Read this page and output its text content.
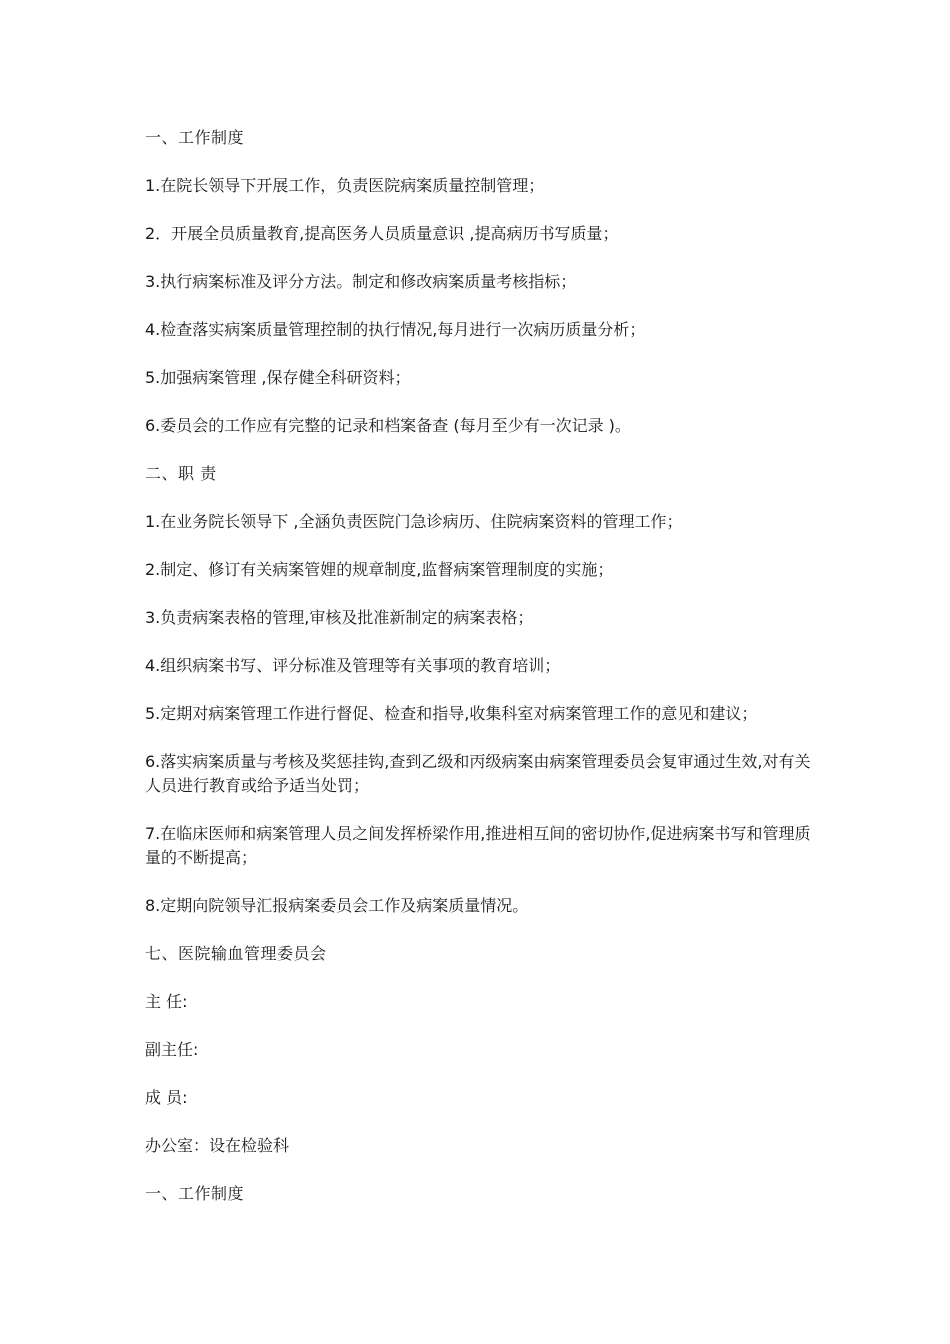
一、工作制度

1.在院长领导下开展工作，负责医院病案质量控制管理；

2．开展全员质量教育,提高医务人员质量意识 ,提高病历书写质量；

3.执行病案标准及评分方法。制定和修改病案质量考核指标；

4.检查落实病案质量管理控制的执行情况,每月进行一次病历质量分析；

5.加强病案管理 ,保存健全科研资料；

6.委员会的工作应有完整的记录和档案备查 (每月至少有一次记录 )。

二、职 责

1.在业务院长领导下 ,全涵负责医院门急诊病历、住院病案资料的管理工作；

2.制定、修订有关病案管娌的规章制度,监督病案管理制度的实施；

3.负责病案表格的管理,审核及批准新制定的病案表格；

4.组织病案书写、评分标准及管理等有关事项的教育培训；

5.定期对病案管理工作进行督促、检查和指导,收集科室对病案管理工作的意见和建议；

6.落实病案质量与考核及奖惩挂钩,查到乙级和丙级病案由病案管理委员会复审通过生效,对有关人员进行教育或给予适当处罚；

7.在临床医师和病案管理人员之间发挥桥梁作用,推进相互间的密切协作,促进病案书写和管理质量的不断提高；

8.定期向院领导汇报病案委员会工作及病案质量情况。

七、医院输血管理委员会

主 任:

副主任:

成 员:

办公室：设在检验科

一、工作制度
